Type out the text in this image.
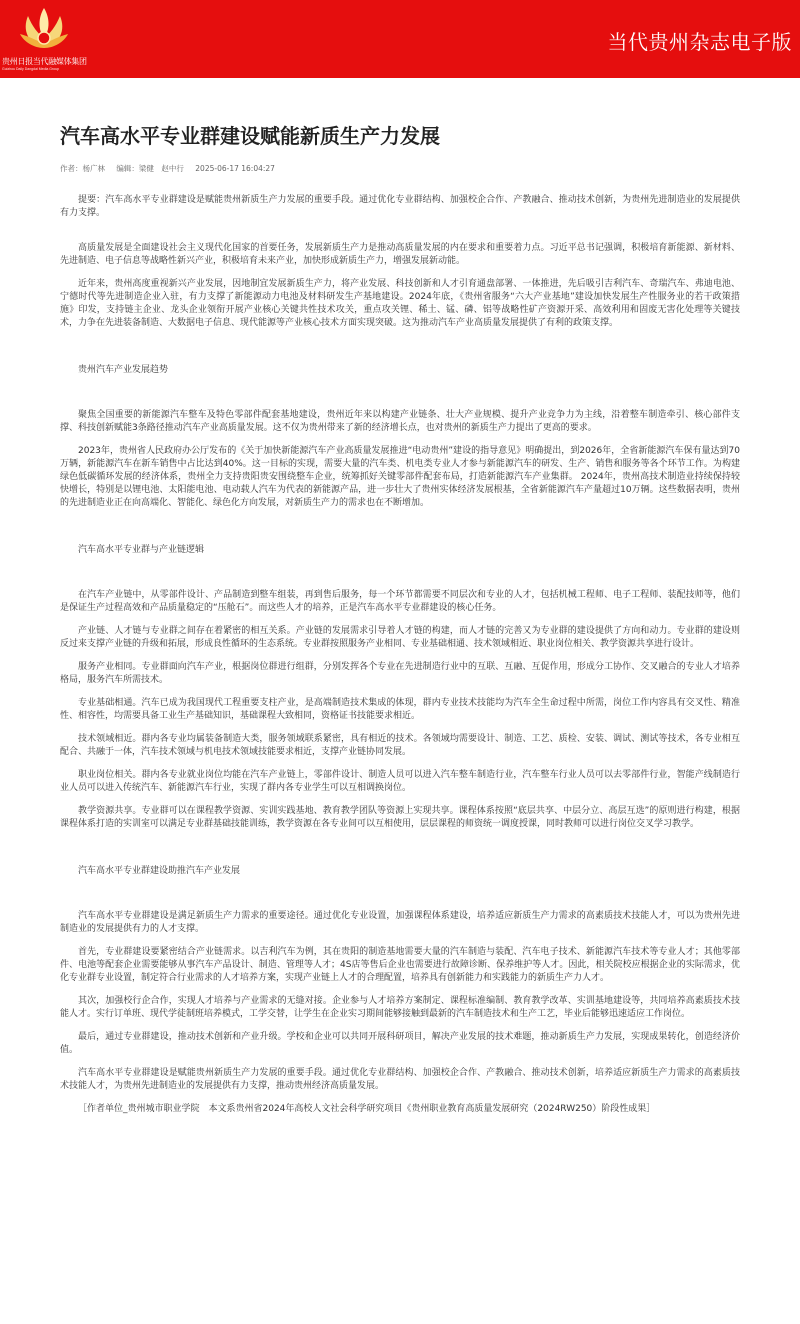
贵州日报当代融媒体集团
Guizhou Daily Dangdai Media Group
当代贵州杂志电子版
汽车高水平专业群建设赋能新质生产力发展
作者：杨广林 编辑：梁健　赵中行 2025-06-17 16:04:27

提要：汽车高水平专业群建设是赋能贵州新质生产力发展的重要手段。通过优化专业群结构、加强校企合作、产教融合、推动技术创新，为贵州先进制造业的发展提供有力支撑。

高质量发展是全面建设社会主义现代化国家的首要任务，发展新质生产力是推动高质量发展的内在要求和重要着力点。习近平总书记强调，积极培育新能源、新材料、先进制造、电子信息等战略性新兴产业，积极培育未来产业，加快形成新质生产力，增强发展新动能。

近年来，贵州高度重视新兴产业发展，因地制宜发展新质生产力，将产业发展、科技创新和人才引育通盘部署、一体推进，先后吸引吉利汽车、奇瑞汽车、弗迪电池、宁德时代等先进制造企业入驻，有力支撑了新能源动力电池及材料研发生产基地建设。2024年底，《贵州省服务“六大产业基地”建设加快发展生产性服务业的若干政策措施》印发，支持链主企业、龙头企业领衔开展产业核心关键共性技术攻关，重点攻关锂、稀土、锰、磷、铝等战略性矿产资源开采、高效利用和固废无害化处理等关键技术，力争在先进装备制造、大数据电子信息、现代能源等产业核心技术方面实现突破。这为推动汽车产业高质量发展提供了有利的政策支撑。

贵州汽车产业发展趋势

聚焦全国重要的新能源汽车整车及特色零部件配套基地建设，贵州近年来以构建产业链条、壮大产业规模、提升产业竞争力为主线，沿着整车制造牵引、核心部件支撑、科技创新赋能3条路径推动汽车产业高质量发展。这不仅为贵州带来了新的经济增长点，也对贵州的新质生产力提出了更高的要求。

2023年，贵州省人民政府办公厅发布的《关于加快新能源汽车产业高质量发展推进“电动贵州”建设的指导意见》明确提出，到2026年，全省新能源汽车保有量达到70万辆，新能源汽车在新车销售中占比达到40%。这一目标的实现，需要大量的汽车类、机电类专业人才参与新能源汽车的研发、生产、销售和服务等各个环节工作。为构建绿色低碳循环发展的经济体系，贵州全力支持贵阳贵安围绕整车企业，统筹抓好关键零部件配套布局，打造新能源汽车产业集群。 2024年，贵州高技术制造业持续保持较快增长，特别是以锂电池、太阳能电池、电动载人汽车为代表的新能源产品，进一步壮大了贵州实体经济发展根基，全省新能源汽车产量超过10万辆。这些数据表明，贵州的先进制造业正在向高端化、智能化、绿色化方向发展，对新质生产力的需求也在不断增加。

汽车高水平专业群与产业链逻辑

在汽车产业链中，从零部件设计、产品制造到整车组装，再到售后服务，每一个环节都需要不同层次和专业的人才，包括机械工程师、电子工程师、装配技师等，他们是保证生产过程高效和产品质量稳定的“压舱石”。而这些人才的培养，正是汽车高水平专业群建设的核心任务。

产业链、人才链与专业群之间存在着紧密的相互关系。产业链的发展需求引导着人才链的构建，而人才链的完善又为专业群的建设提供了方向和动力。专业群的建设则反过来支撑产业链的升级和拓展，形成良性循环的生态系统。专业群按照服务产业相同、专业基础相通、技术领域相近、职业岗位相关、教学资源共享进行设计。

服务产业相同。专业群面向汽车产业，根据岗位群进行组群，分别发挥各个专业在先进制造行业中的互联、互融、互促作用，形成分工协作、交叉融合的专业人才培养格局，服务汽车所需技术。

专业基础相通。汽车已成为我国现代工程重要支柱产业，是高端制造技术集成的体现，群内专业技术技能均为汽车全生命过程中所需，岗位工作内容具有交叉性、精准性、相容性，均需要具备工业生产基础知识，基础课程大致相同，资格证书技能要求相近。

技术领域相近。群内各专业均属装备制造大类，服务领域联系紧密，具有相近的技术。各领域均需要设计、制造、工艺、质检、安装、调试、测试等技术，各专业相互配合、共融于一体，汽车技术领域与机电技术领域技能要求相近，支撑产业链协同发展。

职业岗位相关。群内各专业就业岗位均能在汽车产业链上，零部件设计、制造人员可以进入汽车整车制造行业，汽车整车行业人员可以去零部件行业，智能产线制造行业人员可以进入传统汽车、新能源汽车行业，实现了群内各专业学生可以互相调换岗位。

教学资源共享。专业群可以在课程教学资源、实训实践基地、教育教学团队等资源上实现共享。课程体系按照“底层共享、中层分立、高层互选”的原则进行构建，根据课程体系打造的实训室可以满足专业群基础技能训练，教学资源在各专业间可以互相使用，层层课程的师资统一调度授课，同时教师可以进行岗位交叉学习教学。

汽车高水平专业群建设助推汽车产业发展

汽车高水平专业群建设是满足新质生产力需求的重要途径。通过优化专业设置，加强课程体系建设，培养适应新质生产力需求的高素质技术技能人才，可以为贵州先进制造业的发展提供有力的人才支撑。

首先，专业群建设要紧密结合产业链需求。以吉利汽车为例，其在贵阳的制造基地需要大量的汽车制造与装配、汽车电子技术、新能源汽车技术等专业人才；其他零部件、电池等配套企业需要能够从事汽车产品设计、制造、管理等人才；4S店等售后企业也需要进行故障诊断、保养维护等人才。因此，相关院校应根据企业的实际需求，优化专业群专业设置，制定符合行业需求的人才培养方案，实现产业链上人才的合理配置，培养具有创新能力和实践能力的新质生产力人才。

其次，加强校行企合作，实现人才培养与产业需求的无缝对接。企业参与人才培养方案制定、课程标准编制、教育教学改革、实训基地建设等，共同培养高素质技术技能人才。实行订单班、现代学徒制班培养模式，工学交替，让学生在企业实习期间能够接触到最新的汽车制造技术和生产工艺，毕业后能够迅速适应工作岗位。

最后，通过专业群建设，推动技术创新和产业升级。学校和企业可以共同开展科研项目，解决产业发展的技术难题，推动新质生产力发展，实现成果转化，创造经济价值。

汽车高水平专业群建设是赋能贵州新质生产力发展的重要手段。通过优化专业群结构、加强校企合作、产教融合、推动技术创新，培养适应新质生产力需求的高素质技术技能人才，为贵州先进制造业的发展提供有力支撑，推动贵州经济高质量发展。

［作者单位_贵州城市职业学院　本文系贵州省2024年高校人文社会科学研究项目《贵州职业教育高质量发展研究（2024RW250）阶段性成果］
